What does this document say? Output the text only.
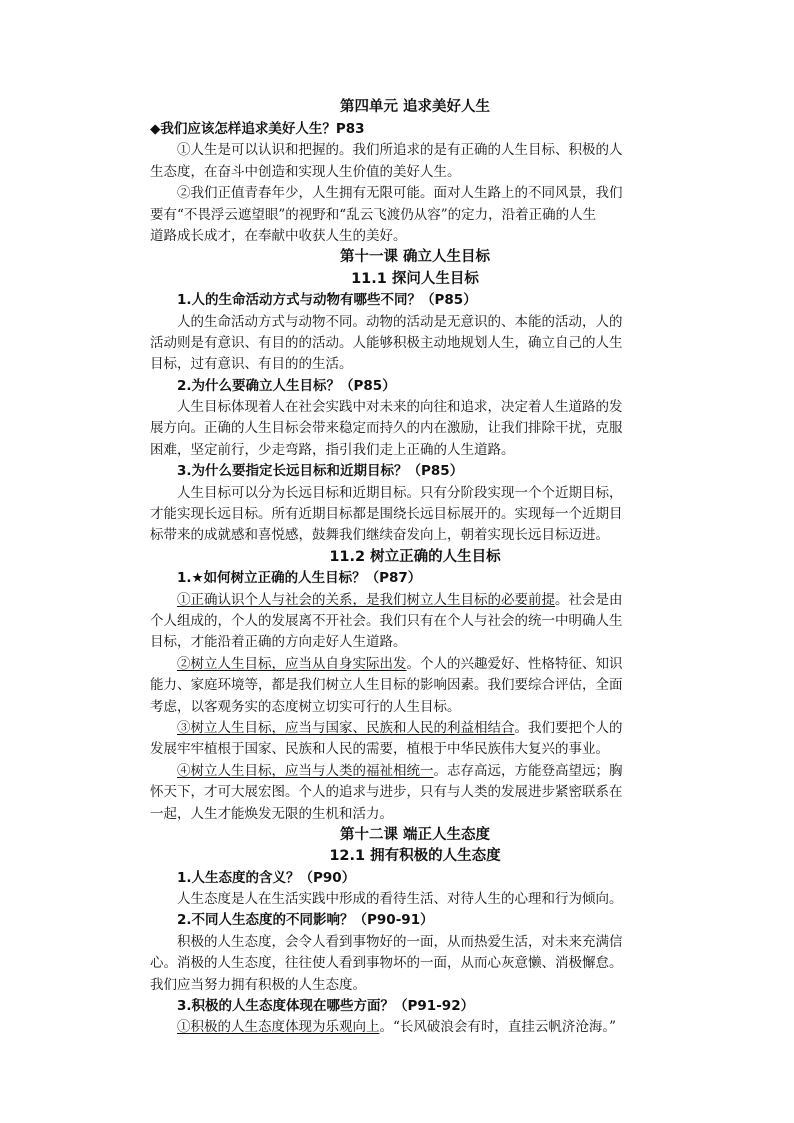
第四单元 追求美好人生
◆我们应该怎样追求美好人生？P83
①人生是可以认识和把握的。我们所追求的是有正确的人生目标、积极的人
生态度，在奋斗中创造和实现人生价值的美好人生。
②我们正值青春年少，人生拥有无限可能。面对人生路上的不同风景，我们
要有“不畏浮云遮望眼”的视野和“乱云飞渡仍从容”的定力，沿着正确的人生
道路成长成才，在奉献中收获人生的美好。
第十一课 确立人生目标
11.1 探问人生目标
1.人的生命活动方式与动物有哪些不同？（P85）
人的生命活动方式与动物不同。动物的活动是无意识的、本能的活动，人的
活动则是有意识、有目的的活动。人能够积极主动地规划人生，确立自己的人生
目标，过有意识、有目的的生活。
2.为什么要确立人生目标？（P85）
人生目标体现着人在社会实践中对未来的向往和追求，决定着人生道路的发
展方向。正确的人生目标会带来稳定而持久的内在激励，让我们排除干扰，克服
困难，坚定前行，少走弯路，指引我们走上正确的人生道路。
3.为什么要指定长远目标和近期目标？（P85）
人生目标可以分为长远目标和近期目标。只有分阶段实现一个个近期目标，
才能实现长远目标。所有近期目标都是围绕长远目标展开的。实现每一个近期目
标带来的成就感和喜悦感，鼓舞我们继续奋发向上，朝着实现长远目标迈进。
11.2 树立正确的人生目标
1.★如何树立正确的人生目标？（P87）
①正确认识个人与社会的关系，是我们树立人生目标的必要前提。社会是由
个人组成的，个人的发展离不开社会。我们只有在个人与社会的统一中明确人生
目标，才能沿着正确的方向走好人生道路。
②树立人生目标，应当从自身实际出发。个人的兴趣爱好、性格特征、知识
能力、家庭环境等，都是我们树立人生目标的影响因素。我们要综合评估，全面
考虑，以客观务实的态度树立切实可行的人生目标。
③树立人生目标，应当与国家、民族和人民的利益相结合。我们要把个人的
发展牢牢植根于国家、民族和人民的需要，植根于中华民族伟大复兴的事业。
④树立人生目标，应当与人类的福祉相统一。志存高远，方能登高望远；胸
怀天下，才可大展宏图。个人的追求与进步，只有与人类的发展进步紧密联系在
一起，人生才能焕发无限的生机和活力。
第十二课 端正人生态度
12.1 拥有积极的人生态度
1.人生态度的含义？（P90）
人生态度是人在生活实践中形成的看待生活、对待人生的心理和行为倾向。
2.不同人生态度的不同影响？（P90-91）
积极的人生态度，会令人看到事物好的一面，从而热爱生活，对未来充满信
心。消极的人生态度，往往使人看到事物坏的一面，从而心灰意懒、消极懈怠。
我们应当努力拥有积极的人生态度。
3.积极的人生态度体现在哪些方面？（P91-92）
①积极的人生态度体现为乐观向上。“长风破浪会有时，直挂云帆济沧海。”
